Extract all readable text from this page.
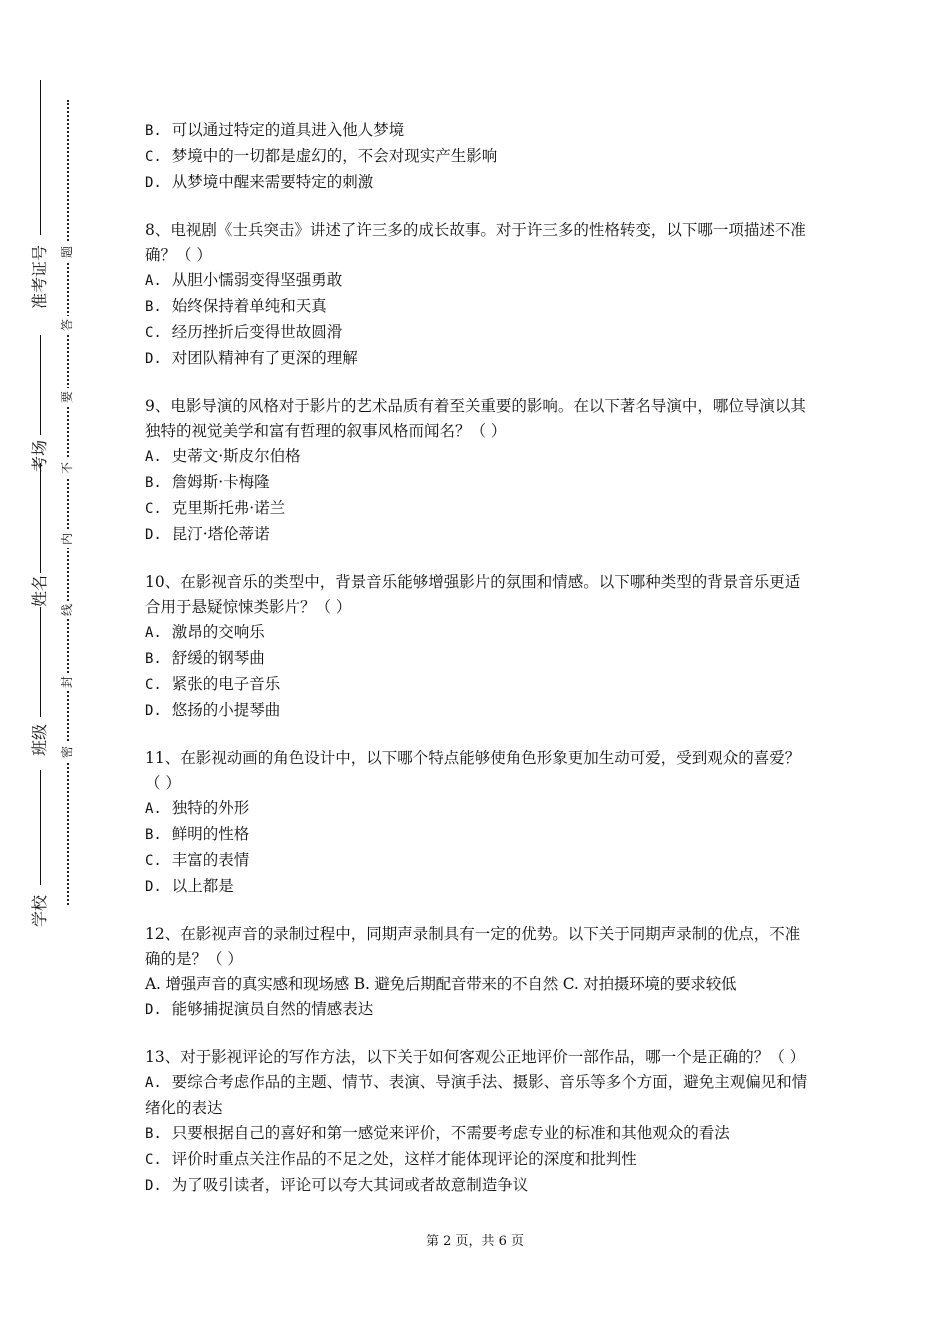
学校
班级
姓名
考场
准考证号
密
封
线
内
不
要
答
题

B. 可以通过特定的道具进入他人梦境

C. 梦境中的一切都是虚幻的，不会对现实产生影响

D. 从梦境中醒来需要特定的刺激

8、电视剧《士兵突击》讲述了许三多的成长故事。对于许三多的性格转变，以下哪一项描述不准确？（ ）

A. 从胆小懦弱变得坚强勇敢

B. 始终保持着单纯和天真

C. 经历挫折后变得世故圆滑

D. 对团队精神有了更深的理解

9、电影导演的风格对于影片的艺术品质有着至关重要的影响。在以下著名导演中，哪位导演以其独特的视觉美学和富有哲理的叙事风格而闻名？（ ）

A. 史蒂文·斯皮尔伯格

B. 詹姆斯·卡梅隆

C. 克里斯托弗·诺兰

D. 昆汀·塔伦蒂诺

10、在影视音乐的类型中，背景音乐能够增强影片的氛围和情感。以下哪种类型的背景音乐更适合用于悬疑惊悚类影片？（ ）

A. 激昂的交响乐

B. 舒缓的钢琴曲

C. 紧张的电子音乐

D. 悠扬的小提琴曲

11、在影视动画的角色设计中，以下哪个特点能够使角色形象更加生动可爱，受到观众的喜爱？（ ）

A. 独特的外形

B. 鲜明的性格

C. 丰富的表情

D. 以上都是

12、在影视声音的录制过程中，同期声录制具有一定的优势。以下关于同期声录制的优点，不准确的是？（ ）

A. 增强声音的真实感和现场感 B. 避免后期配音带来的不自然 C. 对拍摄环境的要求较低

D. 能够捕捉演员自然的情感表达

13、对于影视评论的写作方法，以下关于如何客观公正地评价一部作品，哪一个是正确的？（ ）

A. 要综合考虑作品的主题、情节、表演、导演手法、摄影、音乐等多个方面，避免主观偏见和情绪化的表达

B. 只要根据自己的喜好和第一感觉来评价，不需要考虑专业的标准和其他观众的看法

C. 评价时重点关注作品的不足之处，这样才能体现评论的深度和批判性

D. 为了吸引读者，评论可以夸大其词或者故意制造争议

第 2 页，共 6 页
